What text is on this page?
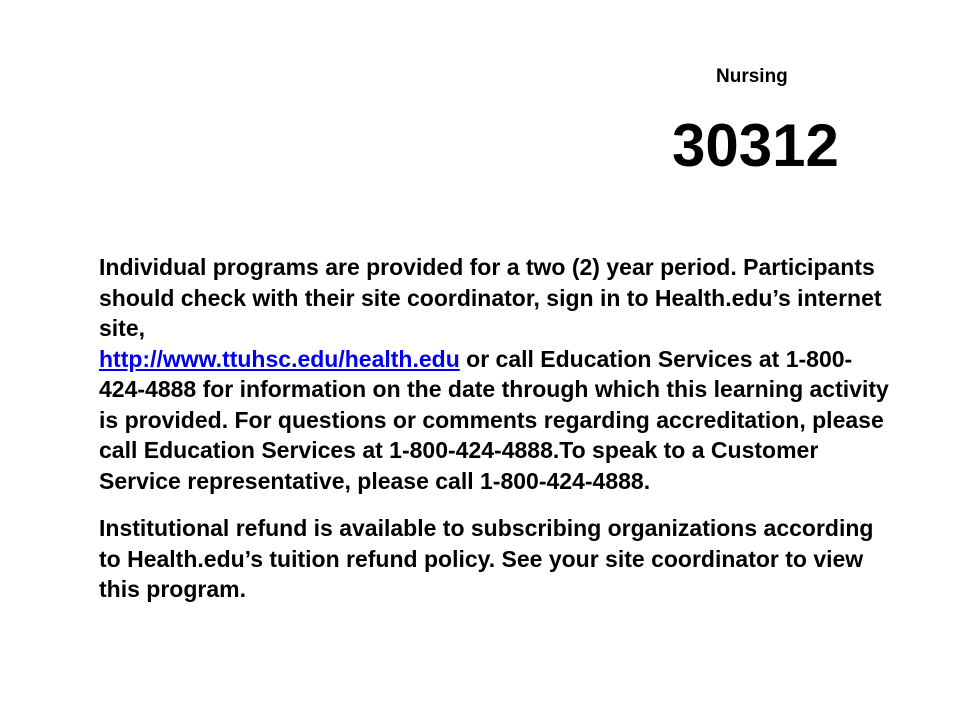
Nursing
30312

Individual programs are provided for a two (2) year period. Participants should check with their site coordinator, sign in to Health.edu’s internet site,
http://www.ttuhsc.edu/health.edu or call Education Services at 1-800-424-4888 for information on the date through which this learning activity is provided. For questions or comments regarding accreditation, please call Education Services at 1-800-424-4888.To speak to a Customer Service representative, please call 1-800-424-4888.

Institutional refund is available to subscribing organizations according to Health.edu’s tuition refund policy. See your site coordinator to view this program.
